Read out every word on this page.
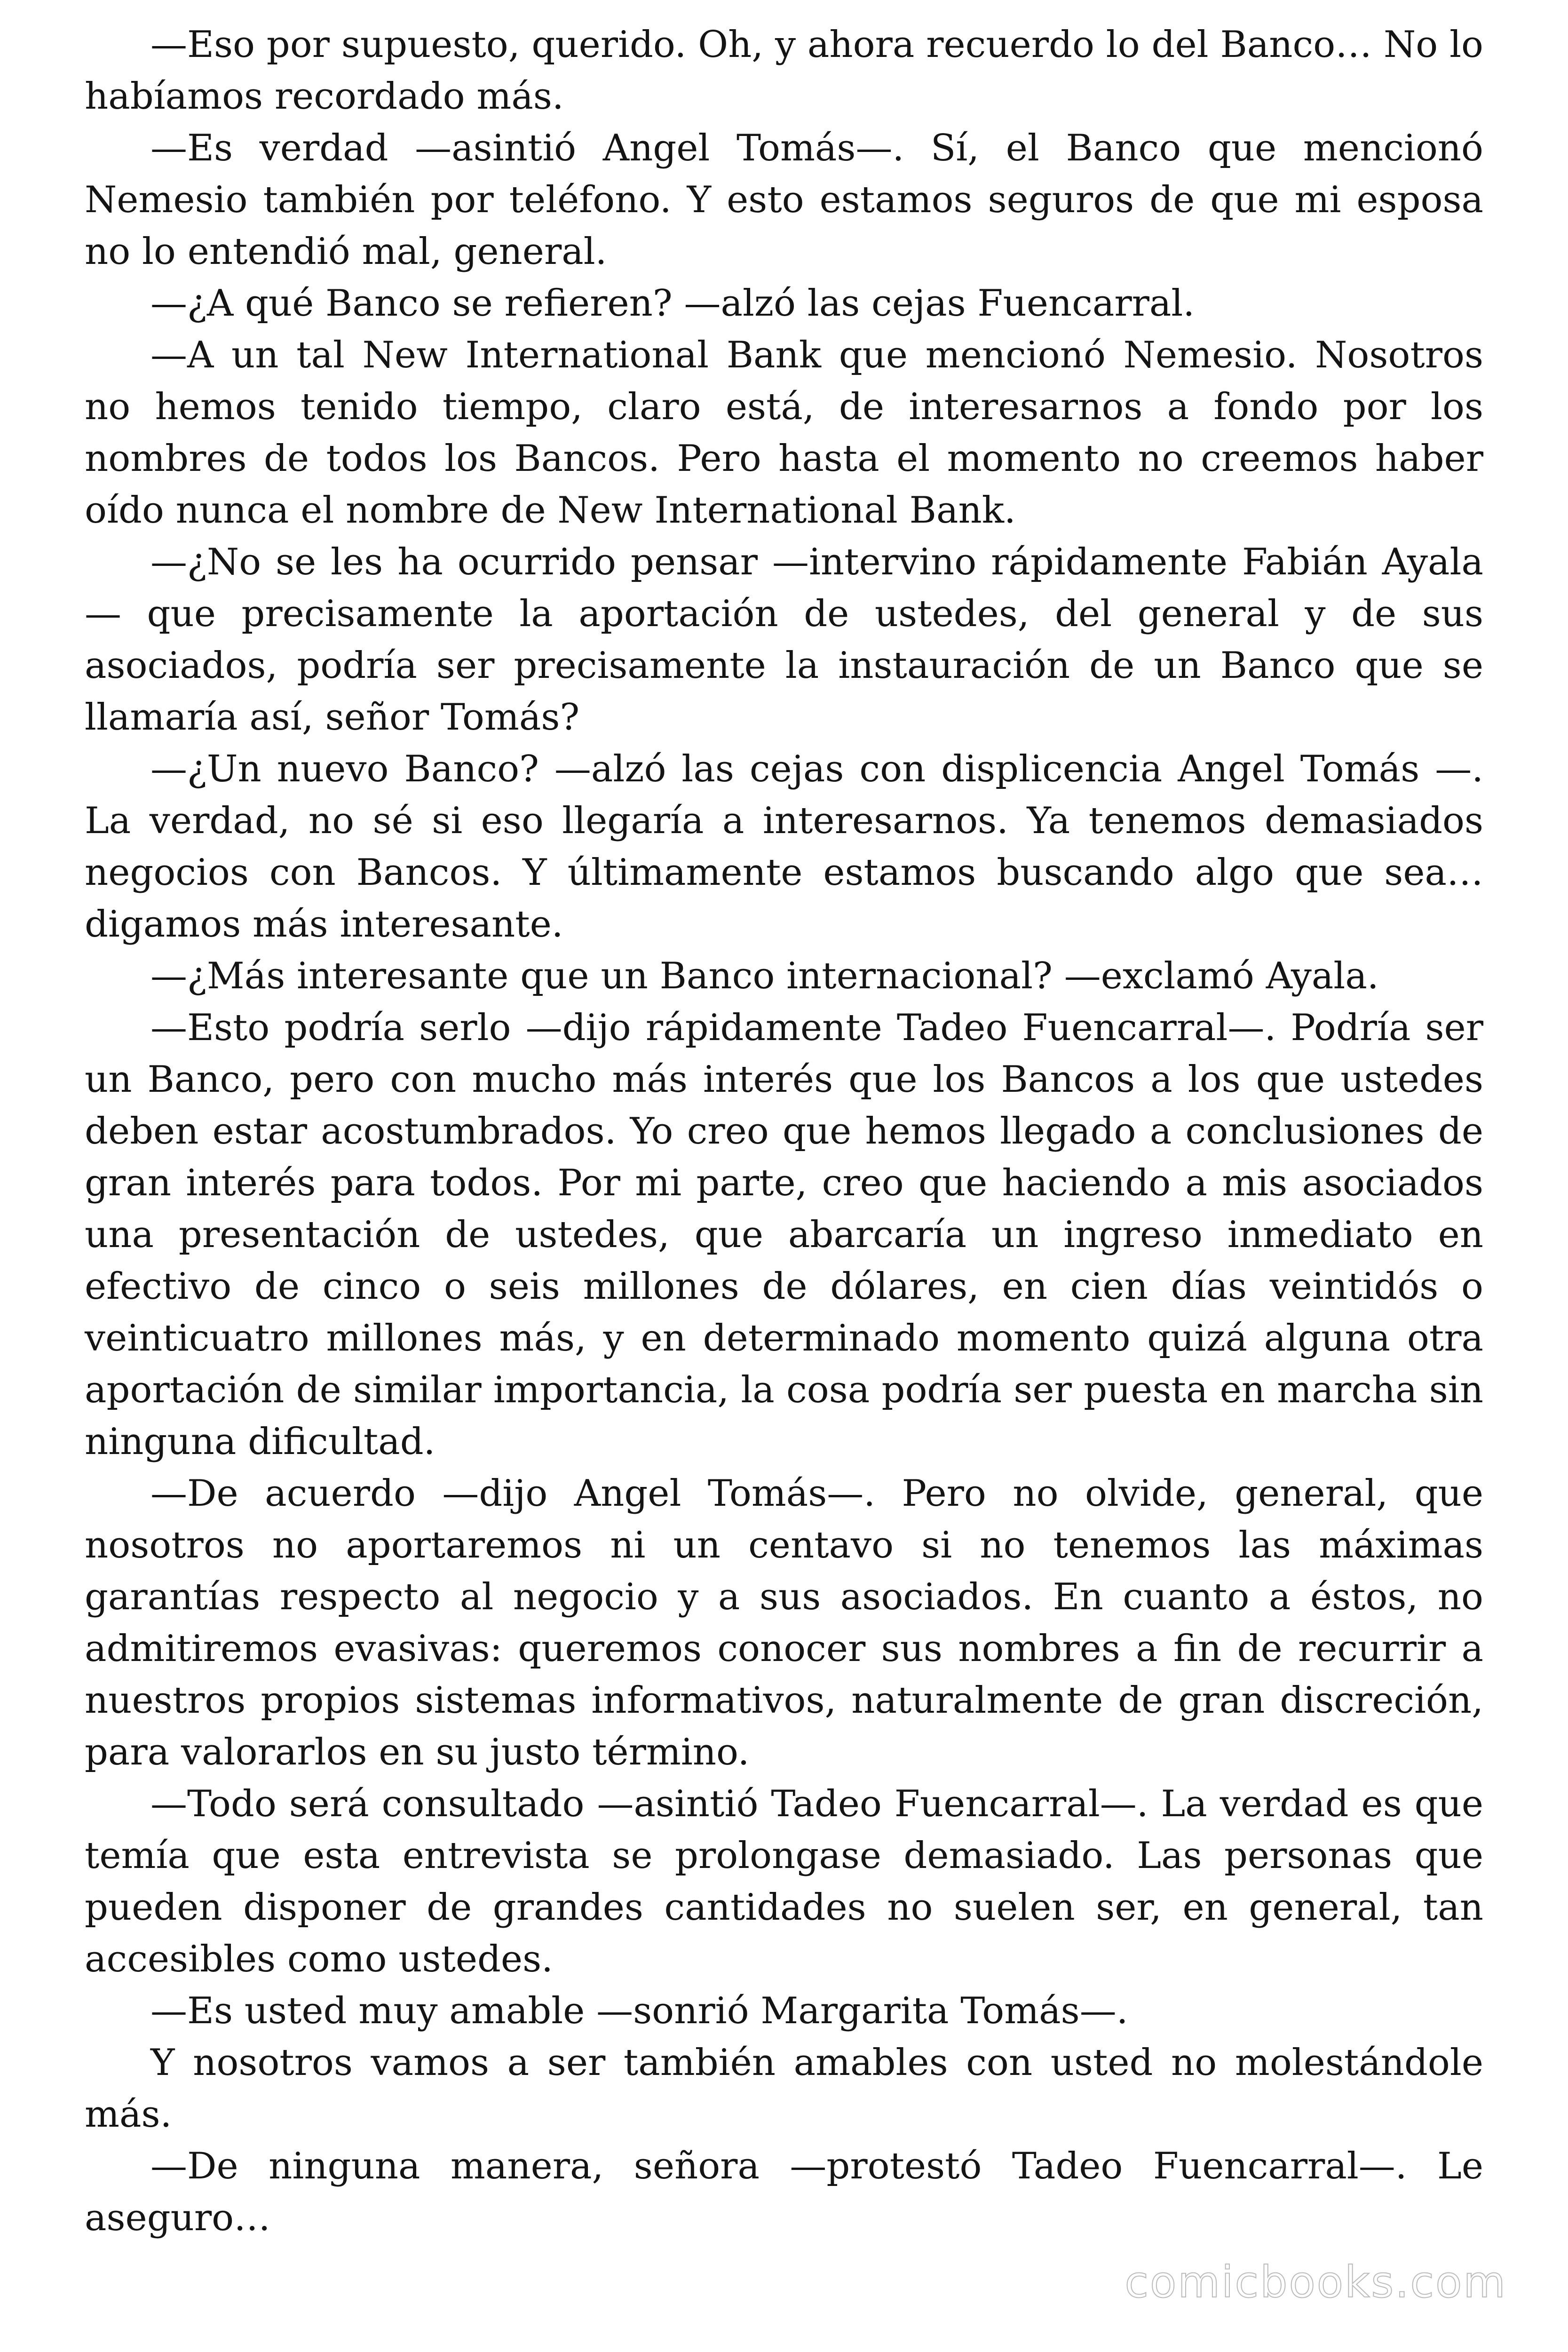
—Eso por supuesto, querido. Oh, y ahora recuerdo lo del Banco… No lo habíamos recordado más.

—Es verdad —asintió Angel Tomás—. Sí, el Banco que mencionó Nemesio también por teléfono. Y esto estamos seguros de que mi esposa no lo entendió mal, general.

—¿A qué Banco se refieren? —alzó las cejas Fuencarral.

—A un tal New International Bank que mencionó Nemesio. Nosotros no hemos tenido tiempo, claro está, de interesarnos a fondo por los nombres de todos los Bancos. Pero hasta el momento no creemos haber oído nunca el nombre de New International Bank.

—¿No se les ha ocurrido pensar —intervino rápidamente Fabián Ayala— que precisamente la aportación de ustedes, del general y de sus asociados, podría ser precisamente la instauración de un Banco que se llamaría así, señor Tomás?

—¿Un nuevo Banco? —alzó las cejas con displicencia Angel Tomás —. La verdad, no sé si eso llegaría a interesarnos. Ya tenemos demasiados negocios con Bancos. Y últimamente estamos buscando algo que sea… digamos más interesante.

—¿Más interesante que un Banco internacional? —exclamó Ayala.

—Esto podría serlo —dijo rápidamente Tadeo Fuencarral—. Podría ser un Banco, pero con mucho más interés que los Bancos a los que ustedes deben estar acostumbrados. Yo creo que hemos llegado a conclusiones de gran interés para todos. Por mi parte, creo que haciendo a mis asociados una presentación de ustedes, que abarcaría un ingreso inmediato en efectivo de cinco o seis millones de dólares, en cien días veintidós o veinticuatro millones más, y en determinado momento quizá alguna otra aportación de similar importancia, la cosa podría ser puesta en marcha sin ninguna dificultad.

—De acuerdo —dijo Angel Tomás—. Pero no olvide, general, que nosotros no aportaremos ni un centavo si no tenemos las máximas garantías respecto al negocio y a sus asociados. En cuanto a éstos, no admitiremos evasivas: queremos conocer sus nombres a fin de recurrir a nuestros propios sistemas informativos, naturalmente de gran discreción, para valorarlos en su justo término.

—Todo será consultado —asintió Tadeo Fuencarral—. La verdad es que temía que esta entrevista se prolongase demasiado. Las personas que pueden disponer de grandes cantidades no suelen ser, en general, tan accesibles como ustedes.

—Es usted muy amable —sonrió Margarita Tomás—.

Y nosotros vamos a ser también amables con usted no molestándole más.

—De ninguna manera, señora —protestó Tadeo Fuencarral—. Le aseguro…

comicbooks.com
